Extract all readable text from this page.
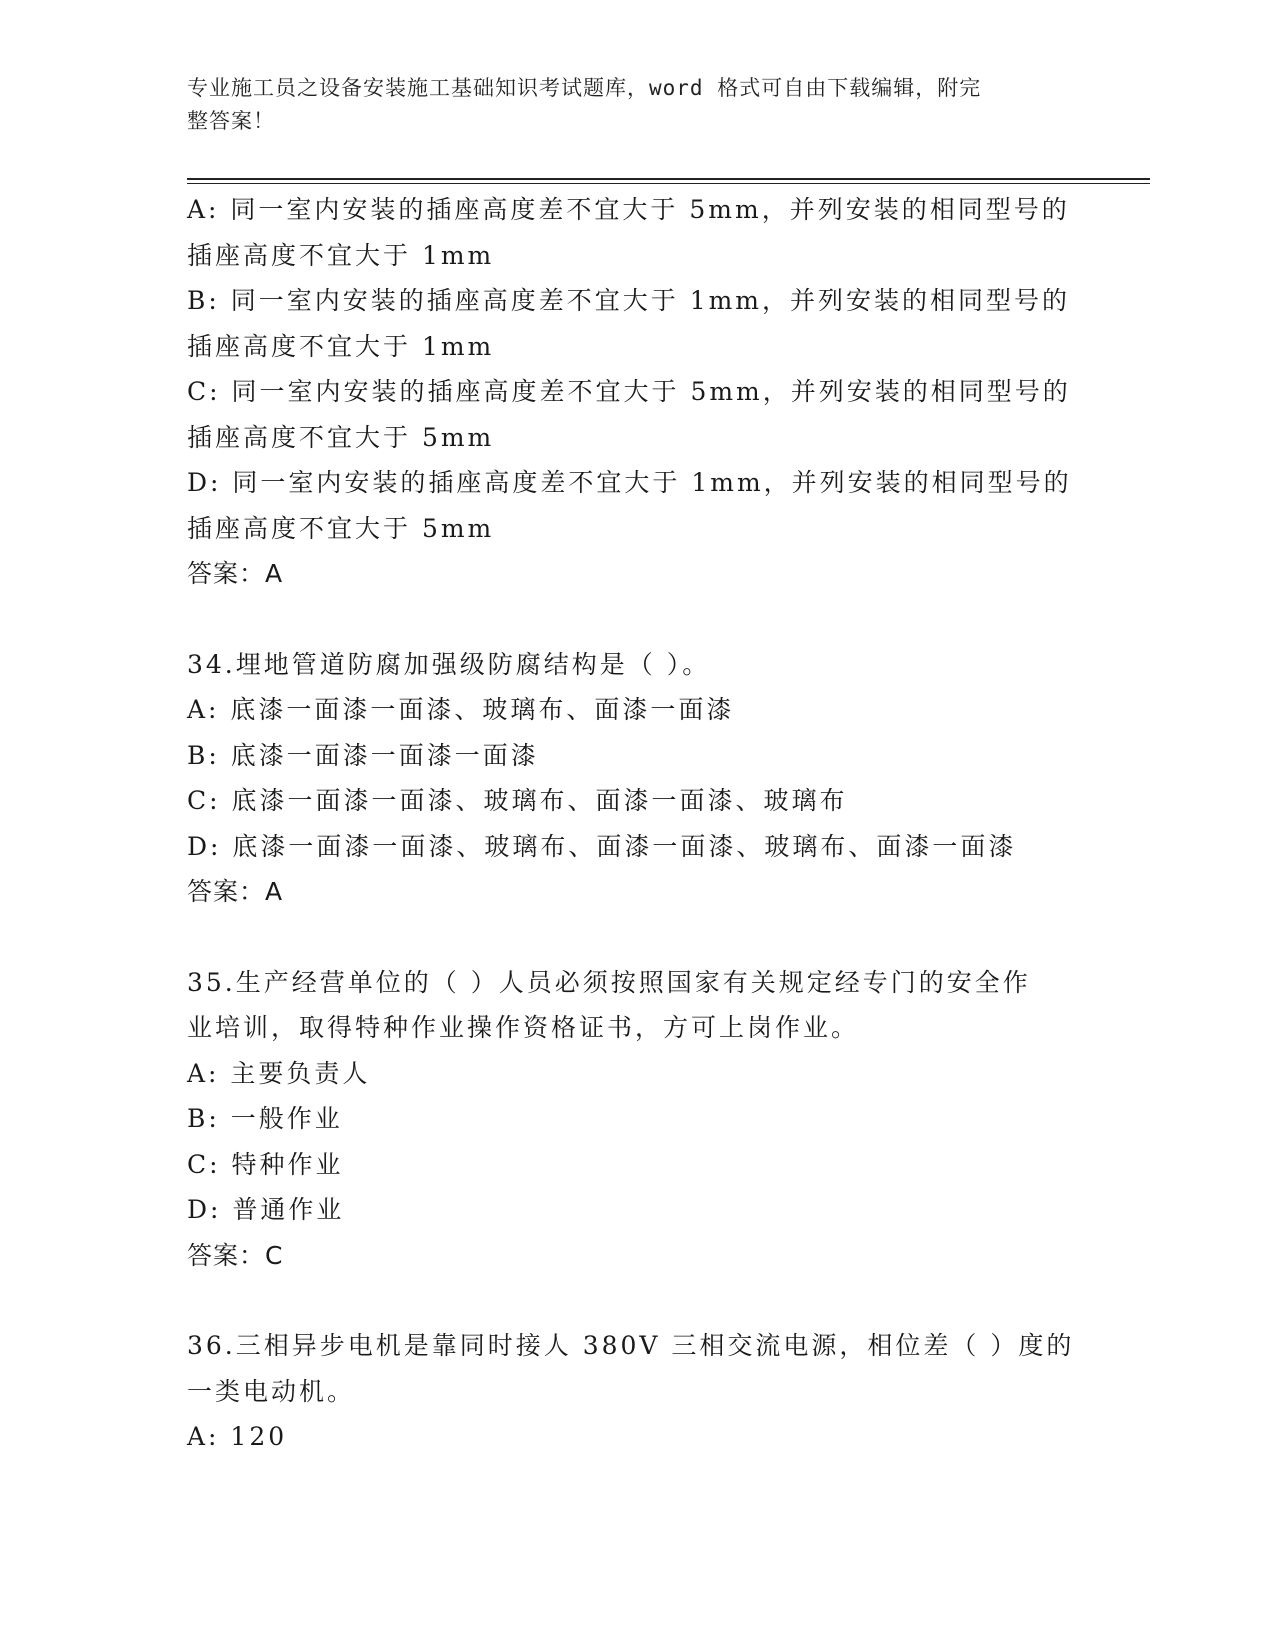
专业施工员之设备安装施工基础知识考试题库，word 格式可自由下载编辑，附完
整答案！
A: 同一室内安装的插座高度差不宜大于 5mm，并列安装的相同型号的
插座高度不宜大于 1mm
B: 同一室内安装的插座高度差不宜大于 1mm，并列安装的相同型号的
插座高度不宜大于 1mm
C: 同一室内安装的插座高度差不宜大于 5mm，并列安装的相同型号的
插座高度不宜大于 5mm
D: 同一室内安装的插座高度差不宜大于 1mm，并列安装的相同型号的
插座高度不宜大于 5mm
答案：A
34.埋地管道防腐加强级防腐结构是（ ）。
A: 底漆一面漆一面漆、玻璃布、面漆一面漆
B: 底漆一面漆一面漆一面漆
C: 底漆一面漆一面漆、玻璃布、面漆一面漆、玻璃布
D: 底漆一面漆一面漆、玻璃布、面漆一面漆、玻璃布、面漆一面漆
答案：A
35.生产经营单位的（ ）人员必须按照国家有关规定经专门的安全作
业培训，取得特种作业操作资格证书，方可上岗作业。
A: 主要负责人
B: 一般作业
C: 特种作业
D: 普通作业
答案：C
36.三相异步电机是靠同时接人 380V 三相交流电源，相位差（ ）度的
一类电动机。
A: 120
